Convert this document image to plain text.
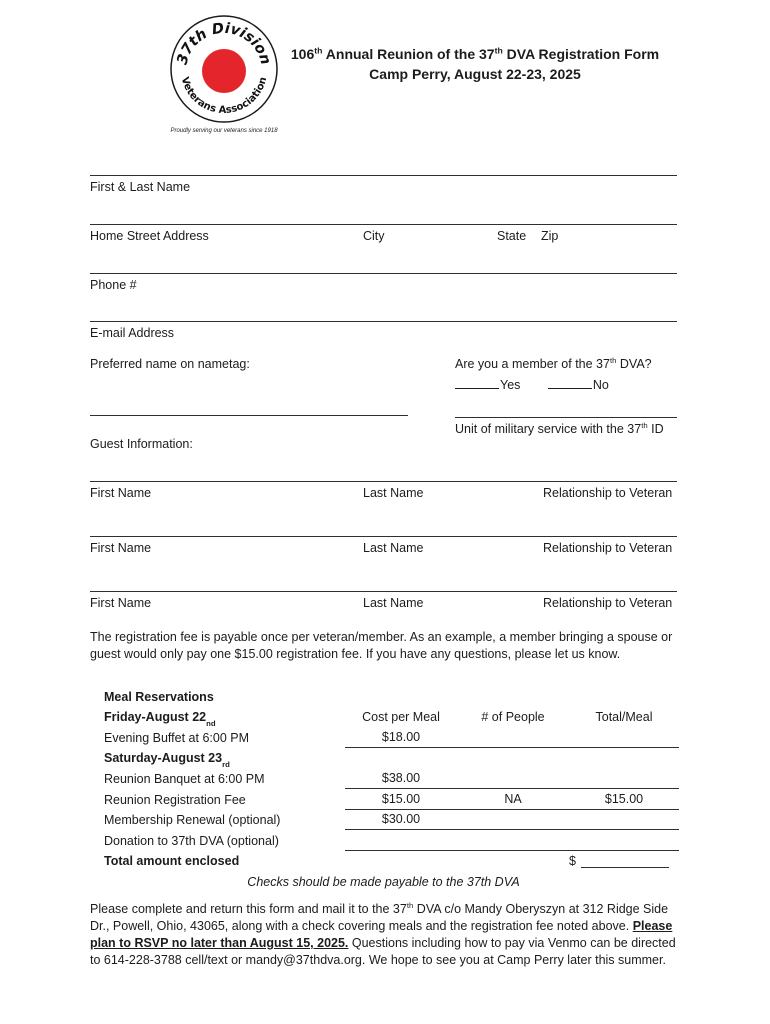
37th Division
Veterans Association
Proudly serving our veterans since 1918
106th Annual Reunion of the 37th DVA Registration Form
Camp Perry, August 22-23, 2025
First & Last Name
Home Street Address	City	State	Zip
Phone #
E-mail Address
Preferred name on nametag:	Are you a member of the 37th DVA?
Yes	No
Unit of military service with the 37th ID
Guest Information:
First Name	Last Name	Relationship to Veteran
First Name	Last Name	Relationship to Veteran
First Name	Last Name	Relationship to Veteran
The registration fee is payable once per veteran/member. As an example, a member bringing a spouse or guest would only pay one $15.00 registration fee. If you have any questions, please let us know.
Meal Reservations
Friday-August 22 nd	Cost per Meal	# of People	Total/Meal
Evening Buffet at 6:00 PM	$18.00
Saturday-August 23 rd
Reunion Banquet at 6:00 PM	$38.00
Reunion Registration Fee	$15.00	NA	$15.00
Membership Renewal (optional)	$30.00
Donation to 37th DVA (optional)
Total amount enclosed	$
Checks should be made payable to the 37th DVA
Please complete and return this form and mail it to the 37th DVA c/o Mandy Oberyszyn at 312 Ridge Side Dr., Powell, Ohio, 43065, along with a check covering meals and the registration fee noted above. Please plan to RSVP no later than August 15, 2025. Questions including how to pay via Venmo can be directed to 614-228-3788 cell/text or mandy@37thdva.org. We hope to see you at Camp Perry later this summer.
